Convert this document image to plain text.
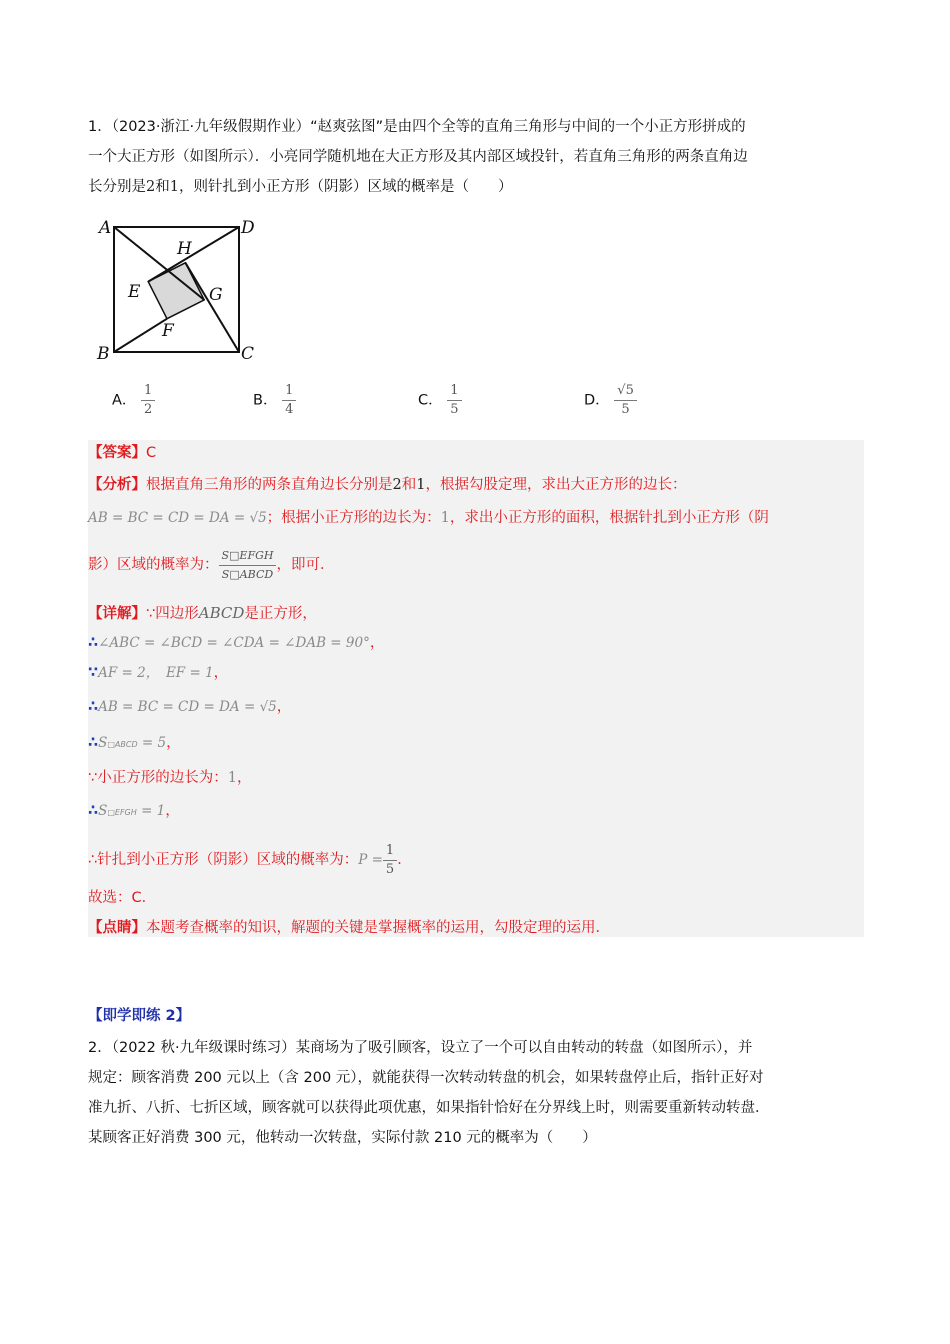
1．（2023·浙江·九年级假期作业）“赵爽弦图”是由四个全等的直角三角形与中间的一个小正方形拼成的
一个大正方形（如图所示）．小亮同学随机地在大正方形及其内部区域投针，若直角三角形的两条直角边
长分别是2和1，则针扎到小正方形（阴影）区域的概率是（　　）
A	D
B	C
H
E	G
F
A． $\frac{1}{2}$	B． $\frac{1}{4}$	C． $\frac{1}{5}$	D． $\frac{√5}{5}$
【答案】C
【分析】根据直角三角形的两条直角边长分别是2和1，根据勾股定理，求出大正方形的边长：
AB = BC = CD = DA = √5；根据小正方形的边长为：1，求出小正方形的面积，根据针扎到小正方形（阴
影）区域的概率为： $\frac{\text{S□EFGH}}{\text{S□ABCD}}$ ，即可．
【详解】∵四边形ABCD是正方形，
∴∠ABC = ∠BCD = ∠CDA = ∠DAB = 90°，
∵AF = 2，　EF = 1，
∴AB = BC = CD = DA = √5，
∴S□ABCD = 5，
∵小正方形的边长为：1，
∴S□EFGH = 1，
∴针扎到小正方形（阴影）区域的概率为：$P = \frac{1}{5}$ ．
故选：C．
【点睛】本题考查概率的知识，解题的关键是掌握概率的运用，勾股定理的运用．
【即学即练 2】
2．（2022 秋·九年级课时练习）某商场为了吸引顾客，设立了一个可以自由转动的转盘（如图所示），并
规定：顾客消费 200 元以上（含 200 元），就能获得一次转动转盘的机会，如果转盘停止后，指针正好对
准九折、八折、七折区域，顾客就可以获得此项优惠，如果指针恰好在分界线上时，则需要重新转动转盘．
某顾客正好消费 300 元，他转动一次转盘，实际付款 210 元的概率为（　　）
